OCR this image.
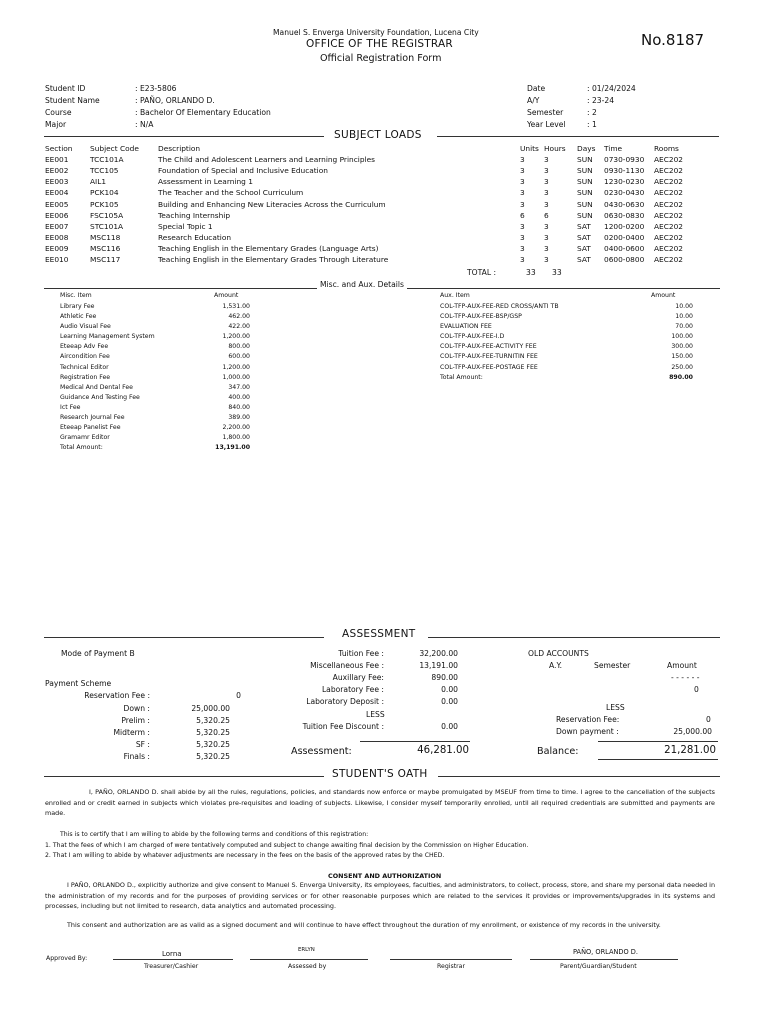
Manuel S. Enverga University Foundation, Lucena City
OFFICE OF THE REGISTRAR
Official Registration Form
No.8187
Student ID	: E23-5806
Student Name	: PAÑO, ORLANDO D.
Course	: Bachelor Of Elementary Education
Major	: N/A
Date	: 01/24/2024
A/Y	: 23-24
Semester	: 2
Year Level	: 1
SUBJECT LOADS
Section	Subject Code	Description	Units	Hours	Days	Time	Rooms
EE001	TCC101A	The Child and Adolescent Learners and Learning Principles	3	3	SUN	0730-0930	AEC202
EE002	TCC105	Foundation of Special and Inclusive Education	3	3	SUN	0930-1130	AEC202
EE003	AIL1	Assessment in Learning 1	3	3	SUN	1230-0230	AEC202
EE004	PCK104	The Teacher and the School Curriculum	3	3	SUN	0230-0430	AEC202
EE005	PCK105	Building and Enhancing New Literacies Across the Curriculum	3	3	SUN	0430-0630	AEC202
EE006	FSC105A	Teaching Internship	6	6	SUN	0630-0830	AEC202
EE007	STC101A	Special Topic 1	3	3	SAT	1200-0200	AEC202
EE008	MSC118	Research Education	3	3	SAT	0200-0400	AEC202
EE009	MSC116	Teaching English in the Elementary Grades (Language Arts)	3	3	SAT	0400-0600	AEC202
EE010	MSC117	Teaching English in the Elementary Grades Through Literature	3	3	SAT	0600-0800	AEC202
TOTAL :	33 33
Misc. and Aux. Details
Misc. Item	Amount
Library Fee	1,531.00
Athletic Fee	462.00
Audio Visual Fee	422.00
Learning Management System	1,200.00
Eteeap Adv Fee	800.00
Aircondition Fee	600.00
Technical Editor	1,200.00
Registration Fee	1,000.00
Medical And Dental Fee	347.00
Guidance And Testing Fee	400.00
Ict Fee	840.00
Research Journal Fee	389.00
Eteeap Panelist Fee	2,200.00
Gramamr Editor	1,800.00
Total Amount:	13,191.00
Aux. Item	Amount
COL-TFP-AUX-FEE-RED CROSS/ANTI TB	10.00
COL-TFP-AUX-FEE-BSP/GSP	10.00
EVALUATION FEE	70.00
COL-TFP-AUX-FEE-I.D	100.00
COL-TFP-AUX-FEE-ACTIVITY FEE	300.00
COL-TFP-AUX-FEE-TURNITIN FEE	150.00
COL-TFP-AUX-FEE-POSTAGE FEE	250.00
Total Amount:	890.00
ASSESSMENT
Mode of Payment B
Payment Scheme
Reservation Fee :	0
Down :	25,000.00
Prelim :	5,320.25
Midterm :	5,320.25
SF :	5,320.25
Finals :	5,320.25
Tuition Fee :	32,200.00
Miscellaneous Fee :	13,191.00
Auxillary Fee:	890.00
Laboratory Fee :	0.00
Laboratory Deposit :	0.00
LESS
Tuition Fee Discount :	0.00
Assessment:	46,281.00
OLD ACCOUNTS
A.Y.	Semester	Amount
- - - - - -
0
LESS
Reservation Fee:	0
Down payment :	25,000.00
Balance:	21,281.00
STUDENT'S OATH
I, PAÑO, ORLANDO D. shall abide by all the rules, regulations, policies, and standards now enforce or maybe promulgated by MSEUF from time to time. I agree to the cancellation of the subjects enrolled and or credit earned in subjects which violates pre-requisites and loading of subjects. Likewise, I consider myself temporarily enrolled, until all required credentials are submitted and payments are made.
This is to certify that I am willing to abide by the following terms and conditions of this registration:
1. That the fees of which I am charged of were tentatively computed and subject to change awaiting final decision by the Commission on Higher Education.
2. That I am willing to abide by whatever adjustments are necessary in the fees on the basis of the approved rates by the CHED.
CONSENT AND AUTHORIZATION
I PAÑO, ORLANDO D., explicitly authorize and give consent to Manuel S. Enverga University, its employees, faculties, and administrators, to collect, process, store, and share my personal data needed in the administration of my records and for the purposes of providing services or for other reasonable purposes which are related to the services it provides or improvements/upgrades in its systems and processes, including but not limited to research, data analytics and automated processing.
This consent and authorization are as valid as a signed document and will continue to have effect throughout the duration of my enrollment, or existence of my records in the university.
Approved By:
Lorna
Treasurer/Cashier
ERLYN
Assessed by	Registrar
PAÑO, ORLANDO D.
Parent/Guardian/Student
